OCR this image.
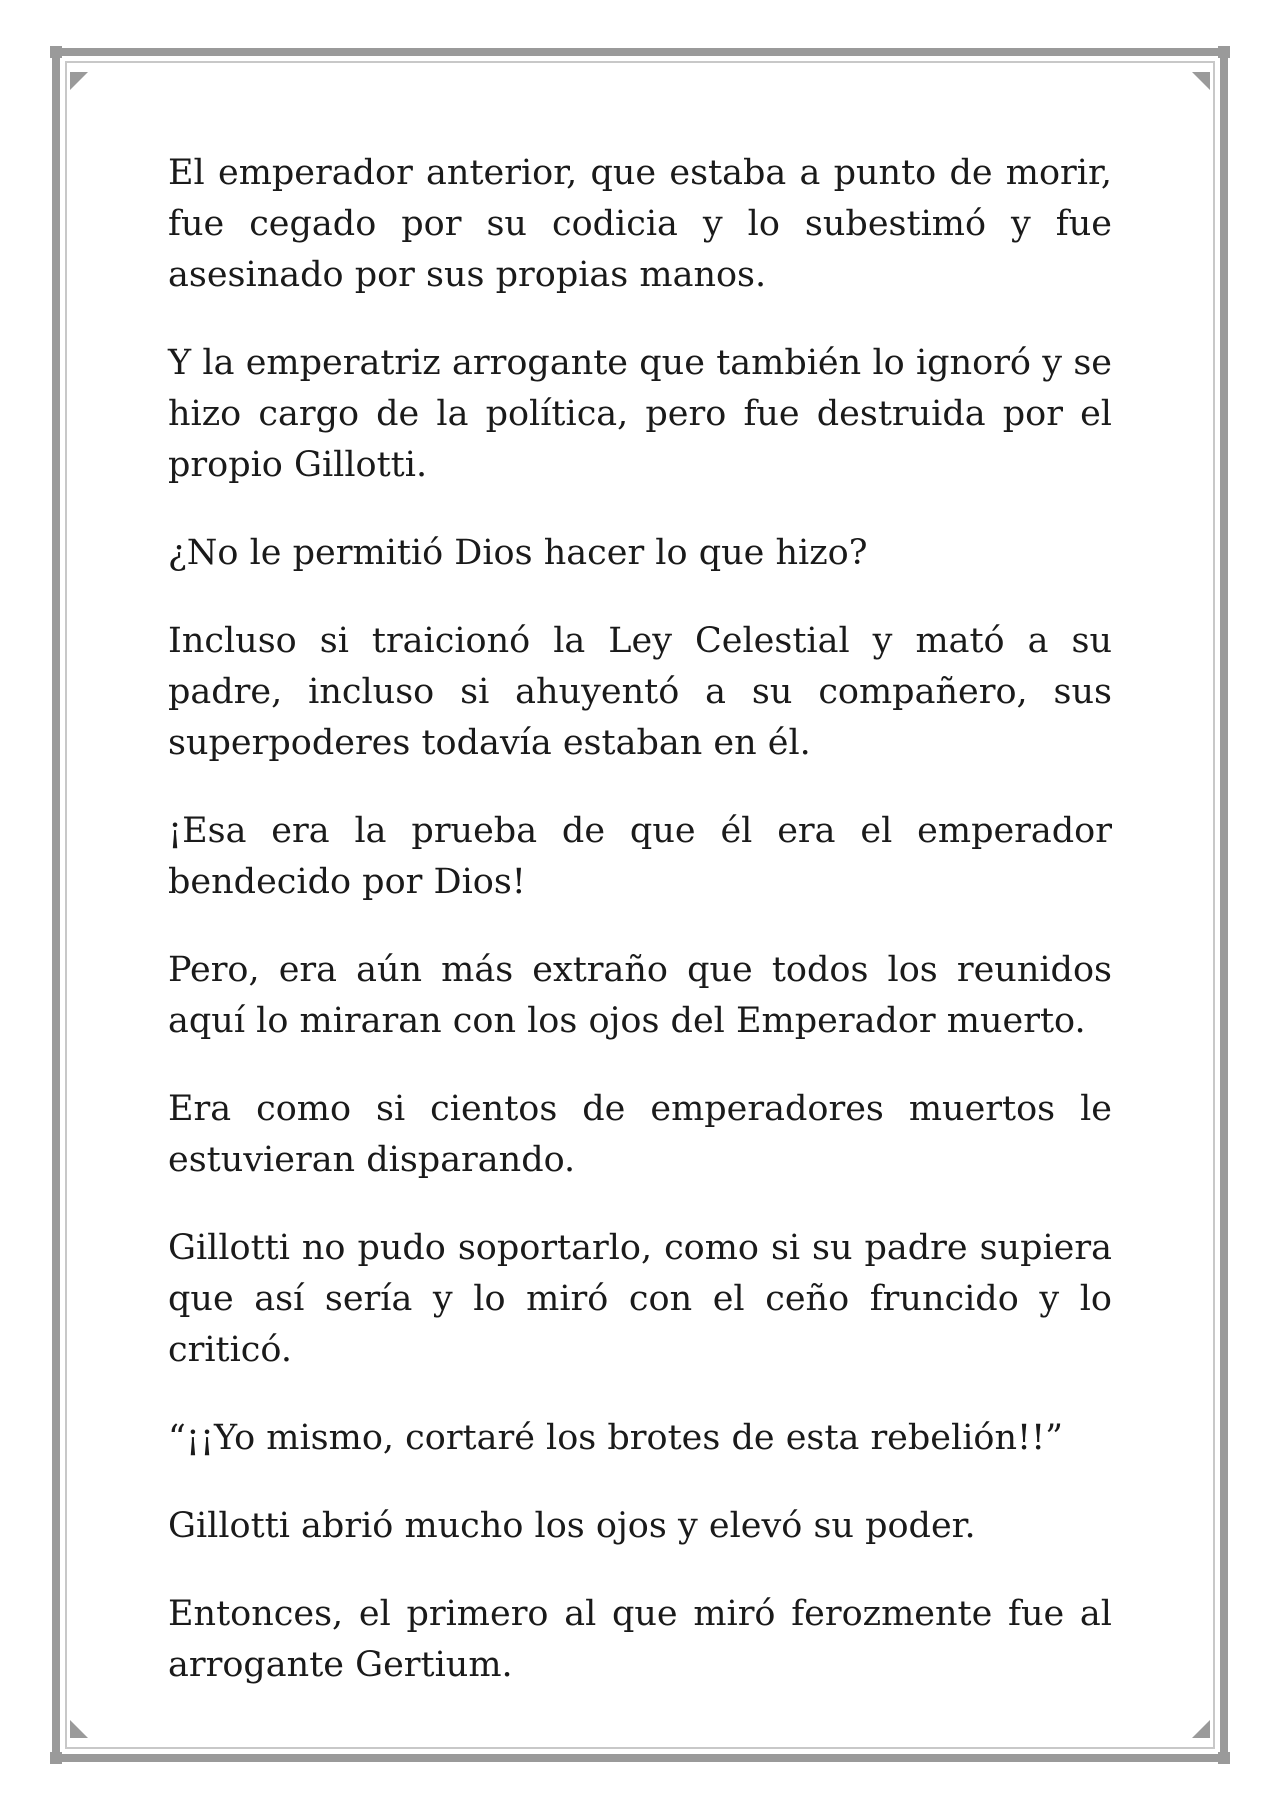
El emperador anterior, que estaba a punto de morir, fue cegado por su codicia y lo subestimó y fue asesinado por sus propias manos.

Y la emperatriz arrogante que también lo ignoró y se hizo cargo de la política, pero fue destruida por el propio Gillotti.

¿No le permitió Dios hacer lo que hizo?

Incluso si traicionó la Ley Celestial y mató a su padre, incluso si ahuyentó a su compañero, sus superpoderes todavía estaban en él.

¡Esa era la prueba de que él era el emperador bendecido por Dios!

Pero, era aún más extraño que todos los reunidos aquí lo miraran con los ojos del Emperador muerto.

Era como si cientos de emperadores muertos le estuvieran disparando.

Gillotti no pudo soportarlo, como si su padre supiera que así sería y lo miró con el ceño fruncido y lo criticó.

“¡¡Yo mismo, cortaré los brotes de esta rebelión!!”

Gillotti abrió mucho los ojos y elevó su poder.

Entonces, el primero al que miró ferozmente fue al arrogante Gertium.
